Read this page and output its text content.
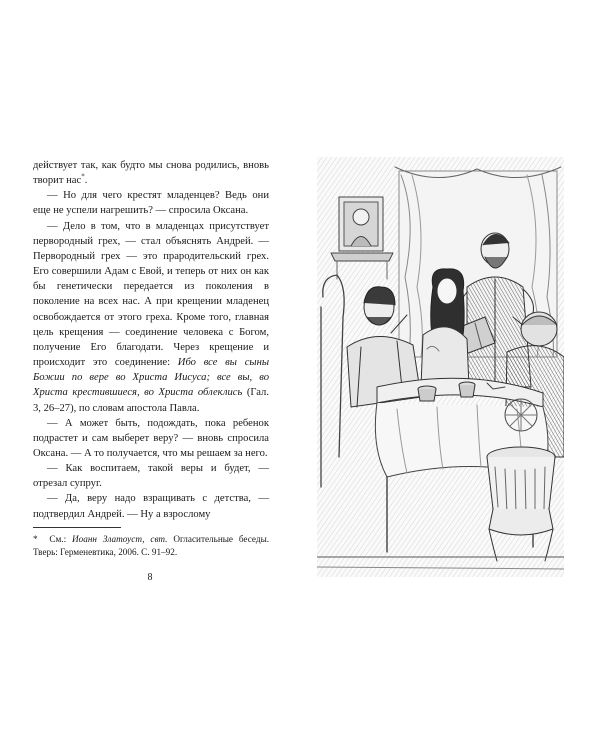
действует так, как будто мы снова родились, вновь творит нас*.

— Но для чего крестят младенцев? Ведь они еще не успели нагрешить? — спросила Оксана.

— Дело в том, что в младенцах присутствует первородный грех, — стал объяснять Андрей. — Первородный грех — это прародительский грех. Его совершили Адам с Евой, и теперь от них он как бы генетически передается из поколения в поколение на всех нас. А при крещении младенец освобождается от этого греха. Кроме того, главная цель крещения — соединение человека с Богом, получение Его благодати. Через крещение и происходит это соединение: Ибо все вы сыны Божии по вере во Христа Иисуса; все вы, во Христа крестившиеся, во Христа облеклись (Гал. 3, 26–27), по словам апостола Павла.

— А может быть, подождать, пока ребенок подрастет и сам выберет веру? — вновь спросила Оксана. — А то получается, что мы решаем за него.

— Как воспитаем, такой веры и будет, — отрезал супруг.

— Да, веру надо взращивать с детства, — подтвердил Андрей. — Ну а взрослому

* См.: Иоанн Златоуст, свт. Огласительные беседы. Тверь: Герменевтика, 2006. С. 91–92.
8
